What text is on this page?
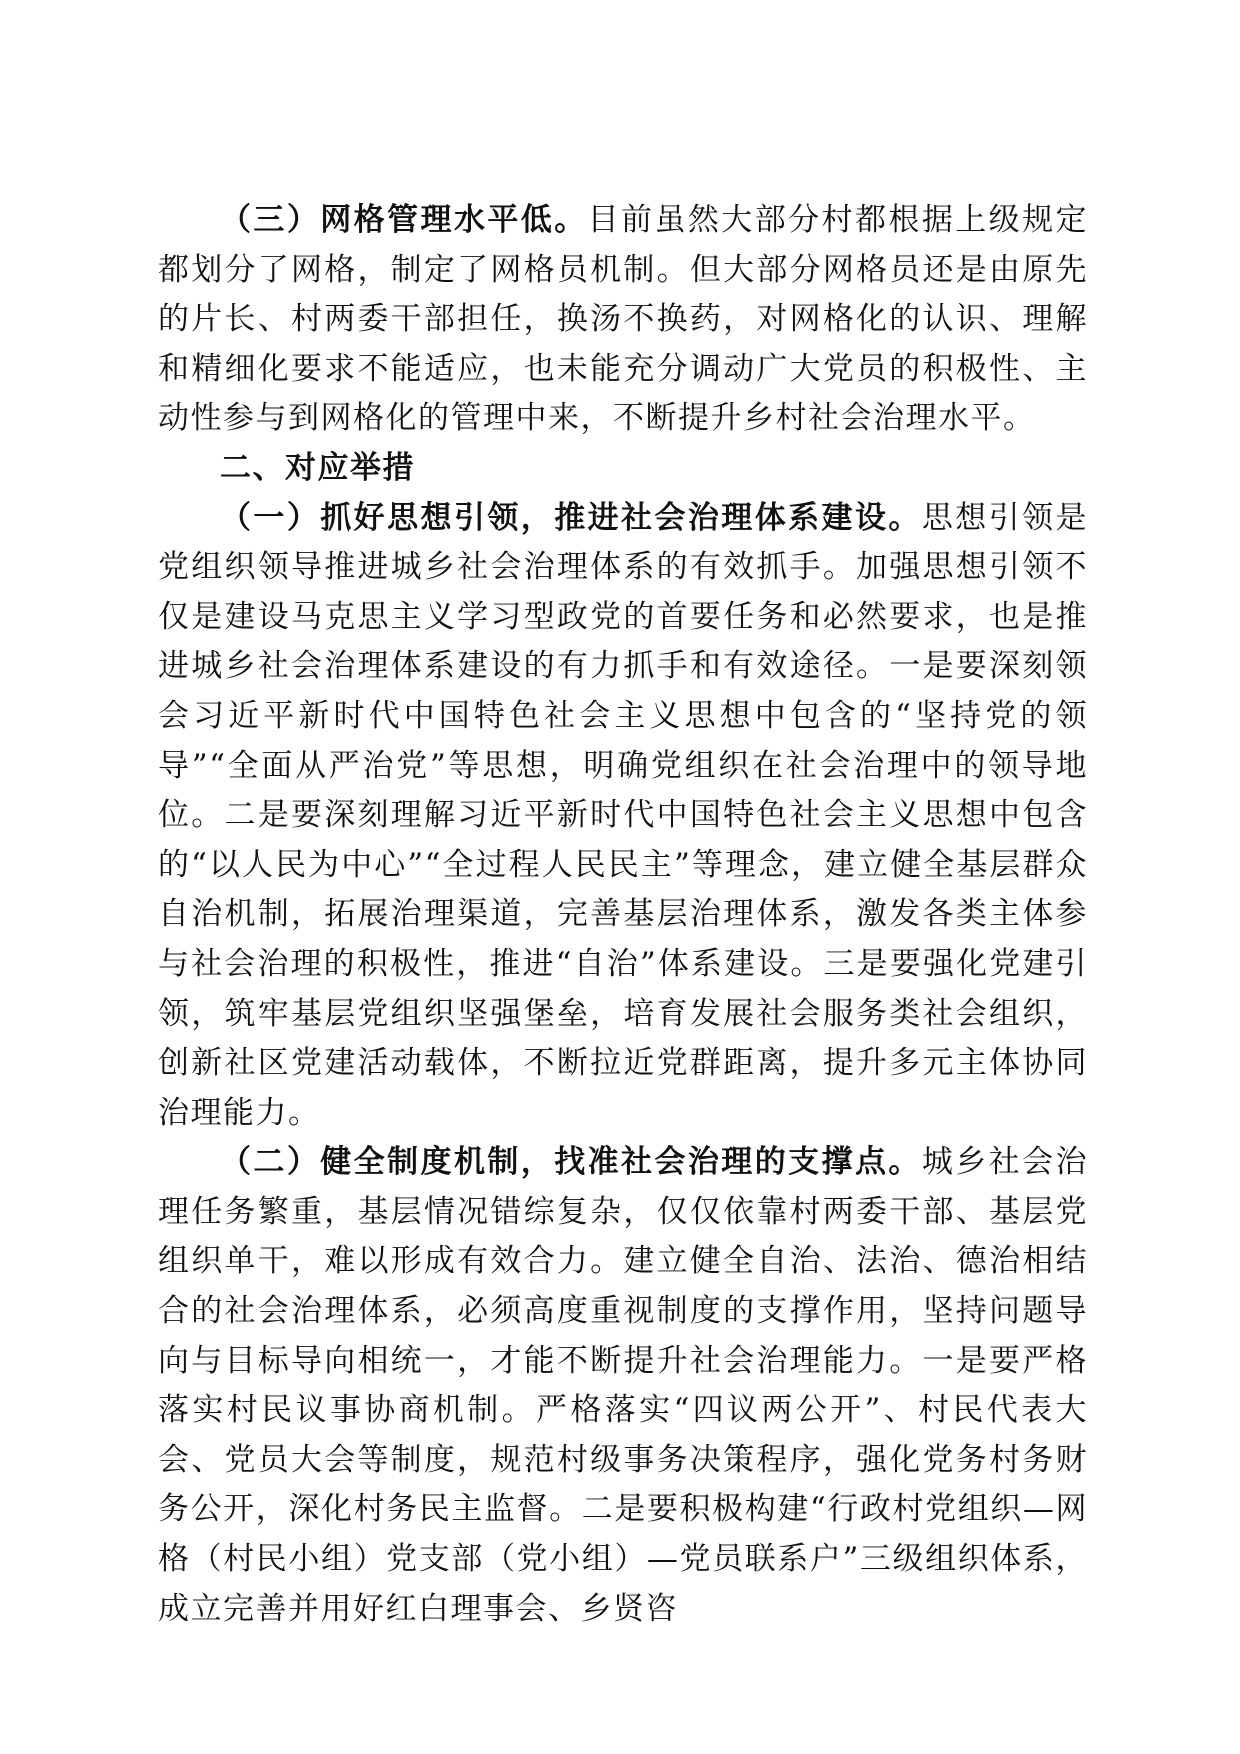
（三）网格管理水平低。目前虽然大部分村都根据上级规定都划分了网格，制定了网格员机制。但大部分网格员还是由原先的片长、村两委干部担任，换汤不换药，对网格化的认识、理解和精细化要求不能适应，也未能充分调动广大党员的积极性、主动性参与到网格化的管理中来，不断提升乡村社会治理水平。

二、对应举措

（一）抓好思想引领，推进社会治理体系建设。思想引领是党组织领导推进城乡社会治理体系的有效抓手。加强思想引领不仅是建设马克思主义学习型政党的首要任务和必然要求，也是推进城乡社会治理体系建设的有力抓手和有效途径。一是要深刻领会习近平新时代中国特色社会主义思想中包含的“坚持党的领导”“全面从严治党”等思想，明确党组织在社会治理中的领导地位。二是要深刻理解习近平新时代中国特色社会主义思想中包含的“以人民为中心”“全过程人民民主”等理念，建立健全基层群众自治机制，拓展治理渠道，完善基层治理体系，激发各类主体参与社会治理的积极性，推进“自治”体系建设。三是要强化党建引领，筑牢基层党组织坚强堡垒，培育发展社会服务类社会组织，创新社区党建活动载体，不断拉近党群距离，提升多元主体协同治理能力。

（二）健全制度机制，找准社会治理的支撑点。城乡社会治理任务繁重，基层情况错综复杂，仅仅依靠村两委干部、基层党组织单干，难以形成有效合力。建立健全自治、法治、德治相结合的社会治理体系，必须高度重视制度的支撑作用，坚持问题导向与目标导向相统一，才能不断提升社会治理能力。一是要严格落实村民议事协商机制。严格落实“四议两公开”、村民代表大会、党员大会等制度，规范村级事务决策程序，强化党务村务财务公开，深化村务民主监督。二是要积极构建“行政村党组织—网格（村民小组）党支部（党小组）—党员联系户”三级组织体系，成立完善并用好红白理事会、乡贤咨
